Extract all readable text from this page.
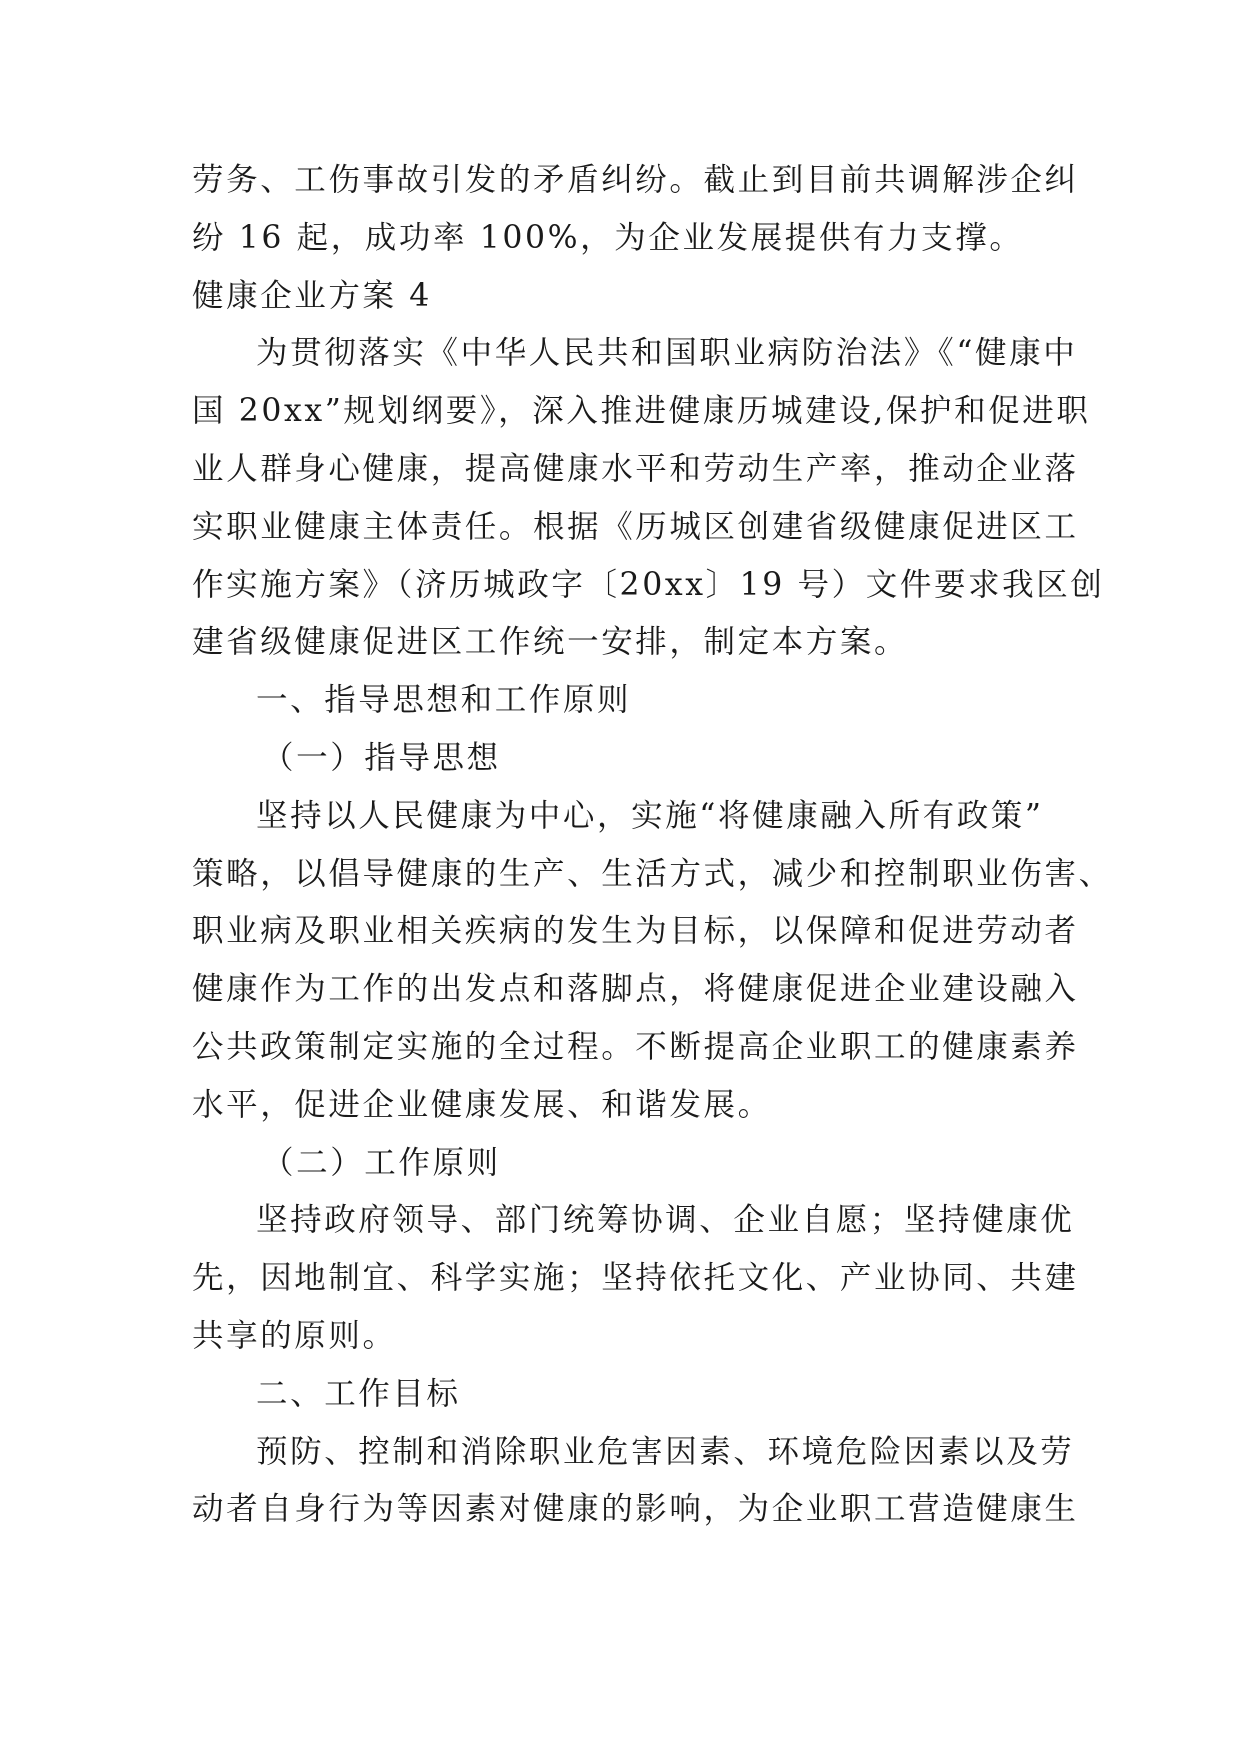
劳务、工伤事故引发的矛盾纠纷。截止到目前共调解涉企纠
纷 16 起，成功率 100%，为企业发展提供有力支撑。
健康企业方案 4
为贯彻落实《中华人民共和国职业病防治法》《“健康中
国 20xx”规划纲要》，深入推进健康历城建设,保护和促进职
业人群身心健康，提高健康水平和劳动生产率，推动企业落
实职业健康主体责任。根据《历城区创建省级健康促进区工
作实施方案》（济历城政字〔20xx〕19 号）文件要求我区创
建省级健康促进区工作统一安排，制定本方案。
一、指导思想和工作原则
（一）指导思想
坚持以人民健康为中心，实施“将健康融入所有政策”
策略，以倡导健康的生产、生活方式，减少和控制职业伤害、
职业病及职业相关疾病的发生为目标，以保障和促进劳动者
健康作为工作的出发点和落脚点，将健康促进企业建设融入
公共政策制定实施的全过程。不断提高企业职工的健康素养
水平，促进企业健康发展、和谐发展。
（二）工作原则
坚持政府领导、部门统筹协调、企业自愿；坚持健康优
先，因地制宜、科学实施；坚持依托文化、产业协同、共建
共享的原则。
二、工作目标
预防、控制和消除职业危害因素、环境危险因素以及劳
动者自身行为等因素对健康的影响，为企业职工营造健康生
